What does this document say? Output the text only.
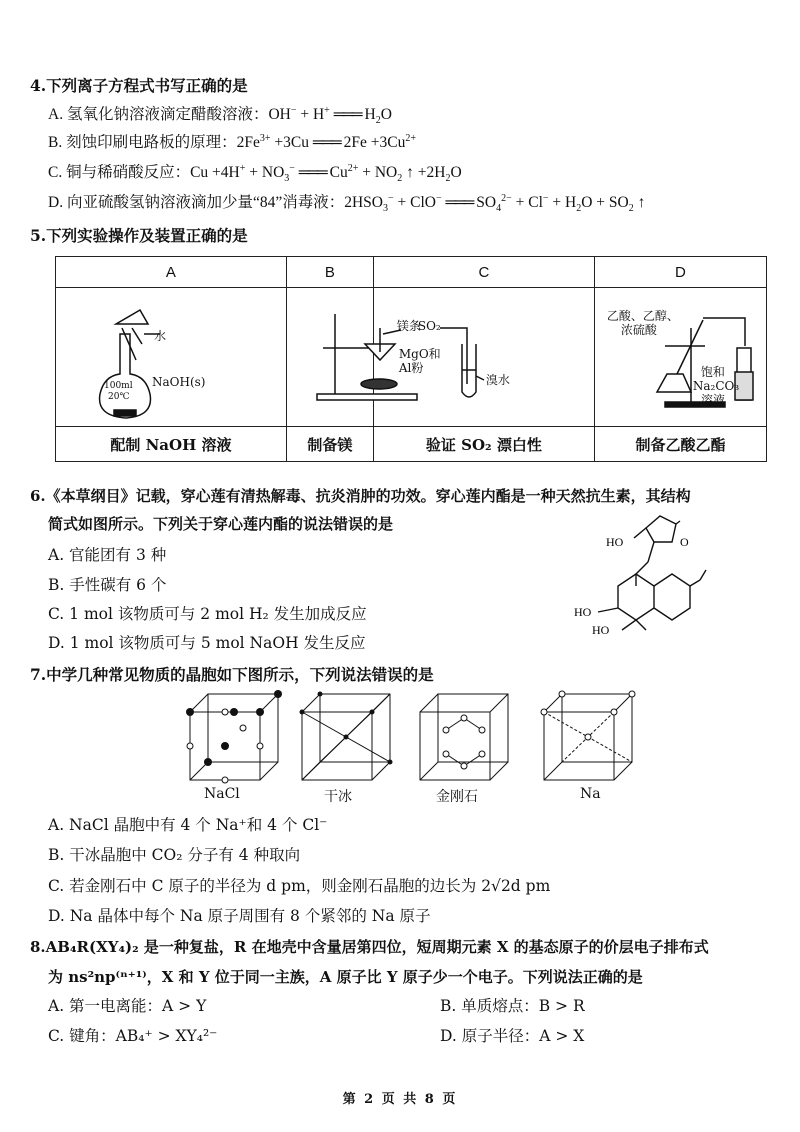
4.下列离子方程式书写正确的是
A. 氢氧化钠溶液滴定醋酸溶液：OH− + H+ ═══ $H_2O$
B. 刻蚀印刷电路板的原理：$2Fe^{3+} +3Cu$ ═══ $2Fe +3Cu^{2+}$
C. 铜与稀硝酸反应：$Cu +4H^+ + NO_3^-$ ═══ $Cu^{2+} + NO_2$ ↑ $+2H_2O$
D. 向亚硫酸氢钠溶液滴加少量“84”消毒液：$2HSO_3^- + ClO^-$ ═══ $SO_4^{2-} + Cl^- + H_2O + SO_2$ ↑
5.下列实验操作及装置正确的是
A	B	C	D

水
100ml
20℃
NaOH(s)	镁条
MgO和
Al粉	SO₂
溴水	乙酸、乙醇、
浓硫酸
饱和
Na₂CO₃
溶液

配制 NaOH 溶液	制备镁	验证 SO₂ 漂白性	制备乙酸乙酯
6.《本草纲目》记载，穿心莲有清热解毒、抗炎消肿的功效。穿心莲内酯是一种天然抗生素，其结构
简式如图所示。下列关于穿心莲内酯的说法错误的是
A. 官能团有 3 种
B. 手性碳有 6 个
C. 1 mol 该物质可与 2 mol H₂ 发生加成反应
D. 1 mol 该物质可与 5 mol NaOH 发生反应
HO	O
HO
HO
7.中学几种常见物质的晶胞如下图所示，下列说法错误的是
NaCl	干冰	金刚石	Na
A. NaCl 晶胞中有 4 个 Na⁺和 4 个 Cl⁻
B. 干冰晶胞中 CO₂ 分子有 4 种取向
C. 若金刚石中 C 原子的半径为 d pm，则金刚石晶胞的边长为 2√2d pm
D. Na 晶体中每个 Na 原子周围有 8 个紧邻的 Na 原子
8.AB₄R(XY₄)₂ 是一种复盐，R 在地壳中含量居第四位，短周期元素 X 的基态原子的价层电子排布式
为 ns²np⁽ⁿ⁺¹⁾，X 和 Y 位于同一主族，A 原子比 Y 原子少一个电子。下列说法正确的是
A. 第一电离能：A > Y	B. 单质熔点：B > R
C. 键角：AB₄⁺ > XY₄²⁻	D. 原子半径：A > X
第 2 页 共 8 页
